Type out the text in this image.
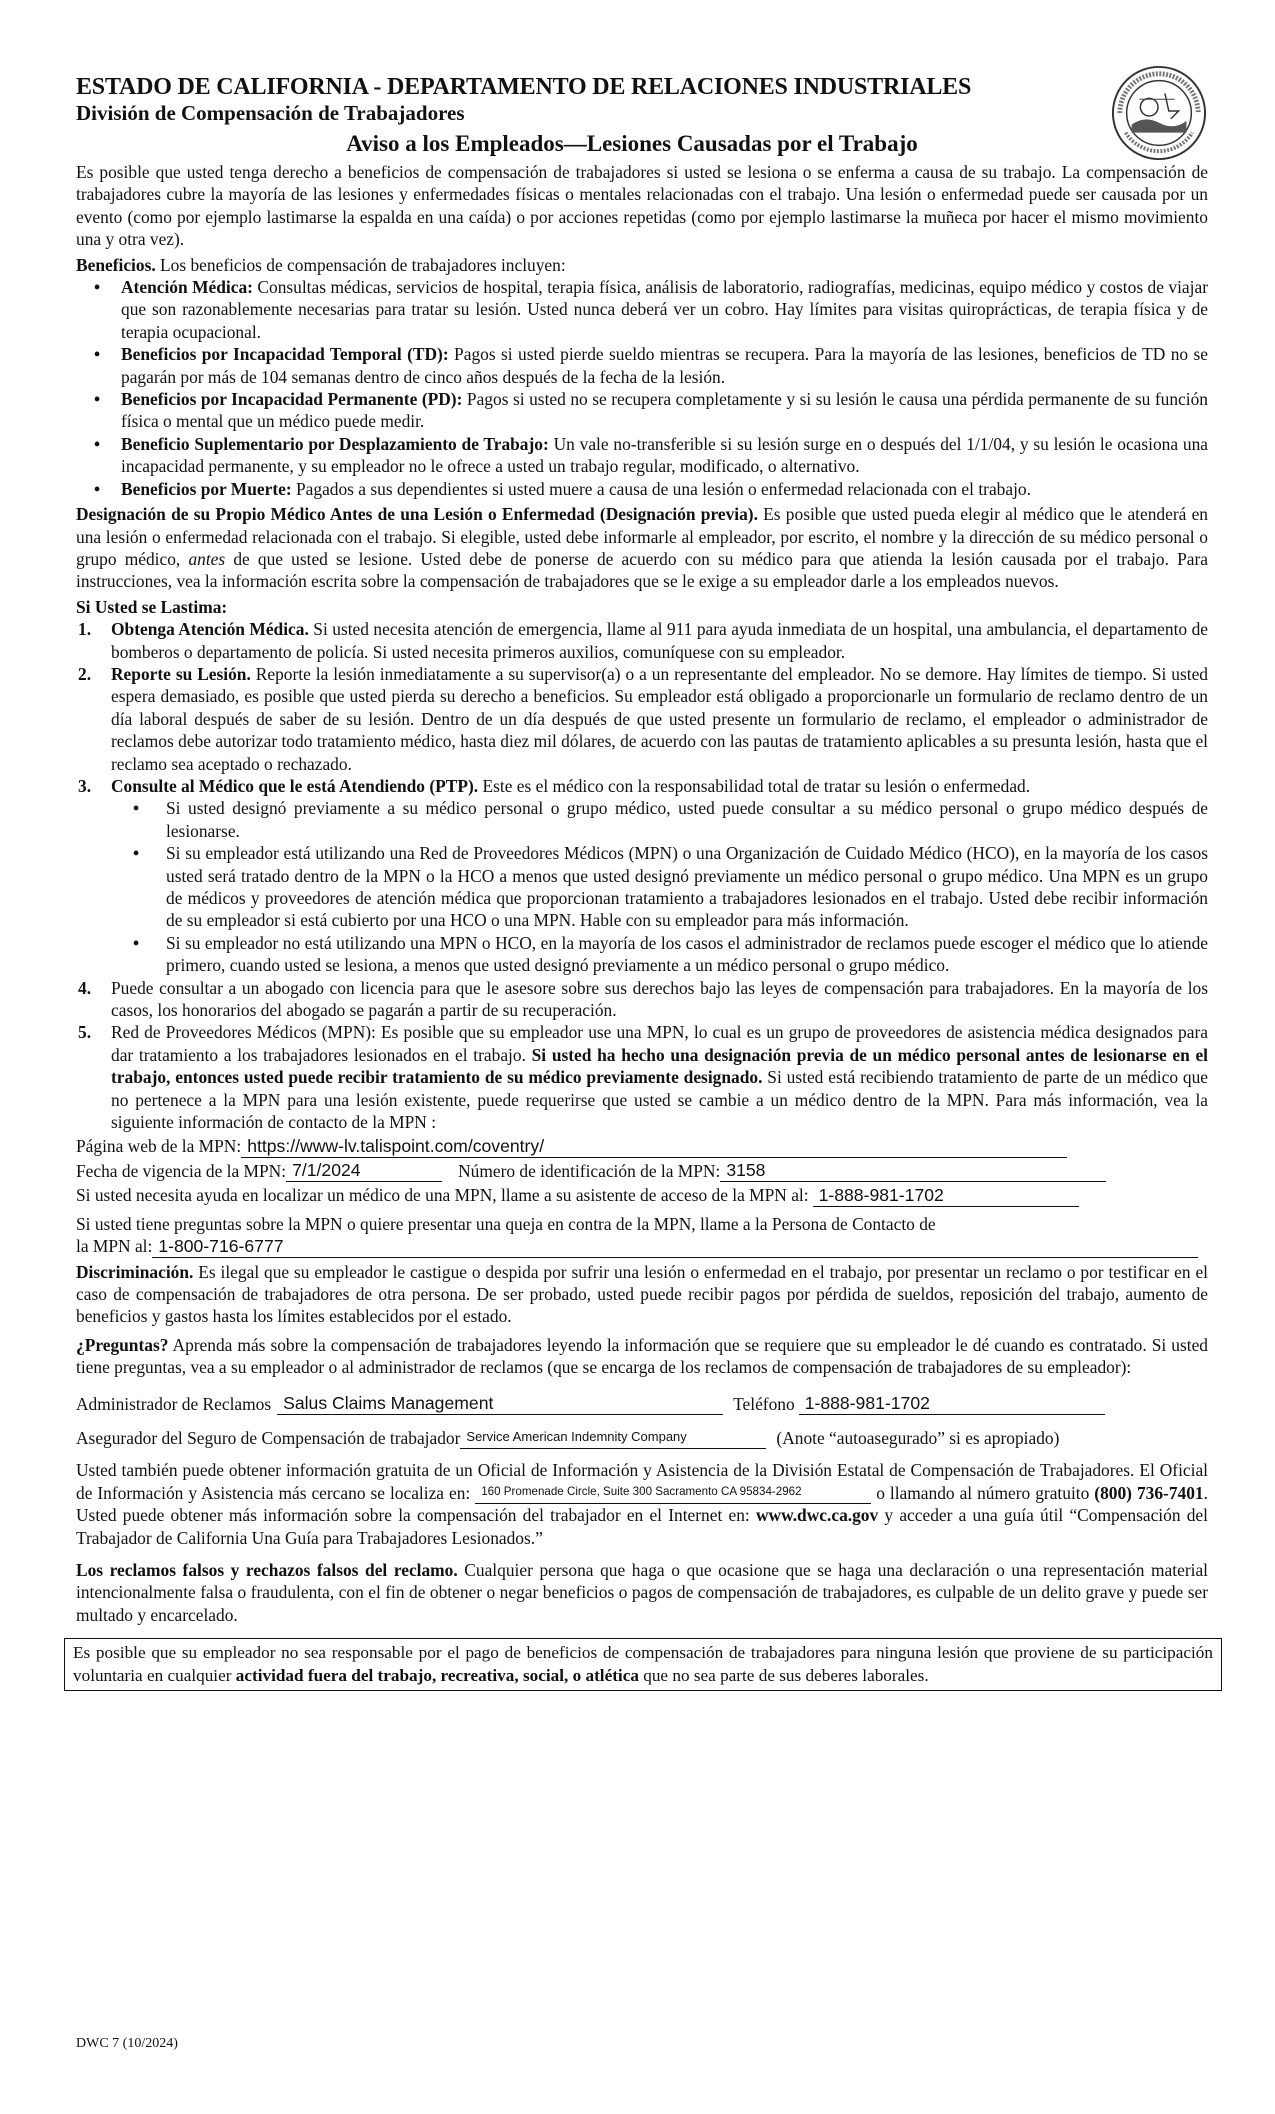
ESTADO DE CALIFORNIA - DEPARTAMENTO DE RELACIONES INDUSTRIALES
División de Compensación de Trabajadores
Aviso a los Empleados—Lesiones Causadas por el Trabajo

Es posible que usted tenga derecho a beneficios de compensación de trabajadores si usted se lesiona o se enferma a causa de su trabajo. La compensación de trabajadores cubre la mayoría de las lesiones y enfermedades físicas o mentales relacionadas con el trabajo. Una lesión o enfermedad puede ser causada por un evento (como por ejemplo lastimarse la espalda en una caída) o por acciones repetidas (como por ejemplo lastimarse la muñeca por hacer el mismo movimiento una y otra vez).

Beneficios. Los beneficios de compensación de trabajadores incluyen:

• Atención Médica: Consultas médicas, servicios de hospital, terapia física, análisis de laboratorio, radiografías, medicinas, equipo médico y costos de viajar que son razonablemente necesarias para tratar su lesión. Usted nunca deberá ver un cobro. Hay límites para visitas quiroprácticas, de terapia física y de terapia ocupacional.
• Beneficios por Incapacidad Temporal (TD): Pagos si usted pierde sueldo mientras se recupera. Para la mayoría de las lesiones, beneficios de TD no se pagarán por más de 104 semanas dentro de cinco años después de la fecha de la lesión.
• Beneficios por Incapacidad Permanente (PD): Pagos si usted no se recupera completamente y si su lesión le causa una pérdida permanente de su función física o mental que un médico puede medir.
• Beneficio Suplementario por Desplazamiento de Trabajo: Un vale no-transferible si su lesión surge en o después del 1/1/04, y su lesión le ocasiona una incapacidad permanente, y su empleador no le ofrece a usted un trabajo regular, modificado, o alternativo.
• Beneficios por Muerte: Pagados a sus dependientes si usted muere a causa de una lesión o enfermedad relacionada con el trabajo.

Designación de su Propio Médico Antes de una Lesión o Enfermedad (Designación previa). Es posible que usted pueda elegir al médico que le atenderá en una lesión o enfermedad relacionada con el trabajo. Si elegible, usted debe informarle al empleador, por escrito, el nombre y la dirección de su médico personal o grupo médico, antes de que usted se lesione. Usted debe de ponerse de acuerdo con su médico para que atienda la lesión causada por el trabajo. Para instrucciones, vea la información escrita sobre la compensación de trabajadores que se le exige a su empleador darle a los empleados nuevos.

Si Usted se Lastima:

1. Obtenga Atención Médica. Si usted necesita atención de emergencia, llame al 911 para ayuda inmediata de un hospital, una ambulancia, el departamento de bomberos o departamento de policía. Si usted necesita primeros auxilios, comuníquese con su empleador.
2. Reporte su Lesión. Reporte la lesión inmediatamente a su supervisor(a) o a un representante del empleador. No se demore. Hay límites de tiempo. Si usted espera demasiado, es posible que usted pierda su derecho a beneficios. Su empleador está obligado a proporcionarle un formulario de reclamo dentro de un día laboral después de saber de su lesión. Dentro de un día después de que usted presente un formulario de reclamo, el empleador o administrador de reclamos debe autorizar todo tratamiento médico, hasta diez mil dólares, de acuerdo con las pautas de tratamiento aplicables a su presunta lesión, hasta que el reclamo sea aceptado o rechazado.
3. Consulte al Médico que le está Atendiendo (PTP). Este es el médico con la responsabilidad total de tratar su lesión o enfermedad.
• Si usted designó previamente a su médico personal o grupo médico, usted puede consultar a su médico personal o grupo médico después de lesionarse.
• Si su empleador está utilizando una Red de Proveedores Médicos (MPN) o una Organización de Cuidado Médico (HCO), en la mayoría de los casos usted será tratado dentro de la MPN o la HCO a menos que usted designó previamente un médico personal o grupo médico. Una MPN es un grupo de médicos y proveedores de atención médica que proporcionan tratamiento a trabajadores lesionados en el trabajo. Usted debe recibir información de su empleador si está cubierto por una HCO o una MPN. Hable con su empleador para más información.
• Si su empleador no está utilizando una MPN o HCO, en la mayoría de los casos el administrador de reclamos puede escoger el médico que lo atiende primero, cuando usted se lesiona, a menos que usted designó previamente a un médico personal o grupo médico.
4. Puede consultar a un abogado con licencia para que le asesore sobre sus derechos bajo las leyes de compensación para trabajadores. En la mayoría de los casos, los honorarios del abogado se pagarán a partir de su recuperación.
5. Red de Proveedores Médicos (MPN): Es posible que su empleador use una MPN, lo cual es un grupo de proveedores de asistencia médica designados para dar tratamiento a los trabajadores lesionados en el trabajo. Si usted ha hecho una designación previa de un médico personal antes de lesionarse en el trabajo, entonces usted puede recibir tratamiento de su médico previamente designado. Si usted está recibiendo tratamiento de parte de un médico que no pertenece a la MPN para una lesión existente, puede requerirse que usted se cambie a un médico dentro de la MPN. Para más información, vea la siguiente información de contacto de la MPN :
Página web de la MPN: https://www-lv.talispoint.com/coventry/
Fecha de vigencia de la MPN: 7/1/2024	Número de identificación de la MPN: 3158
Si usted necesita ayuda en localizar un médico de una MPN, llame a su asistente de acceso de la MPN al: 1-888-981-1702

Si usted tiene preguntas sobre la MPN o quiere presentar una queja en contra de la MPN, llame a la Persona de Contacto de

la MPN al: 1-800-716-6777

Discriminación. Es ilegal que su empleador le castigue o despida por sufrir una lesión o enfermedad en el trabajo, por presentar un reclamo o por testificar en el caso de compensación de trabajadores de otra persona. De ser probado, usted puede recibir pagos por pérdida de sueldos, reposición del trabajo, aumento de beneficios y gastos hasta los límites establecidos por el estado.

¿Preguntas? Aprenda más sobre la compensación de trabajadores leyendo la información que se requiere que su empleador le dé cuando es contratado. Si usted tiene preguntas, vea a su empleador o al administrador de reclamos (que se encarga de los reclamos de compensación de trabajadores de su empleador):

Administrador de Reclamos Salus Claims Management	Teléfono 1-888-981-1702
Asegurador del Seguro de Compensación de trabajador Service American Indemnity Company	(Anote “autoasegurado” si es apropiado)

Usted también puede obtener información gratuita de un Oficial de Información y Asistencia de la División Estatal de Compensación de Trabajadores. El Oficial de Información y Asistencia más cercano se localiza en: 160 Promenade Circle, Suite 300 Sacramento CA 95834-2962	o llamando al número gratuito (800) 736-7401. Usted puede obtener más información sobre la compensación del trabajador en el Internet en: www.dwc.ca.gov y acceder a una guía útil “Compensación del Trabajador de California Una Guía para Trabajadores Lesionados.”

Los reclamos falsos y rechazos falsos del reclamo. Cualquier persona que haga o que ocasione que se haga una declaración o una representación material intencionalmente falsa o fraudulenta, con el fin de obtener o negar beneficios o pagos de compensación de trabajadores, es culpable de un delito grave y puede ser multado y encarcelado.

Es posible que su empleador no sea responsable por el pago de beneficios de compensación de trabajadores para ninguna lesión que proviene de su participación voluntaria en cualquier actividad fuera del trabajo, recreativa, social, o atlética que no sea parte de sus deberes laborales.
DWC 7 (10/2024)
